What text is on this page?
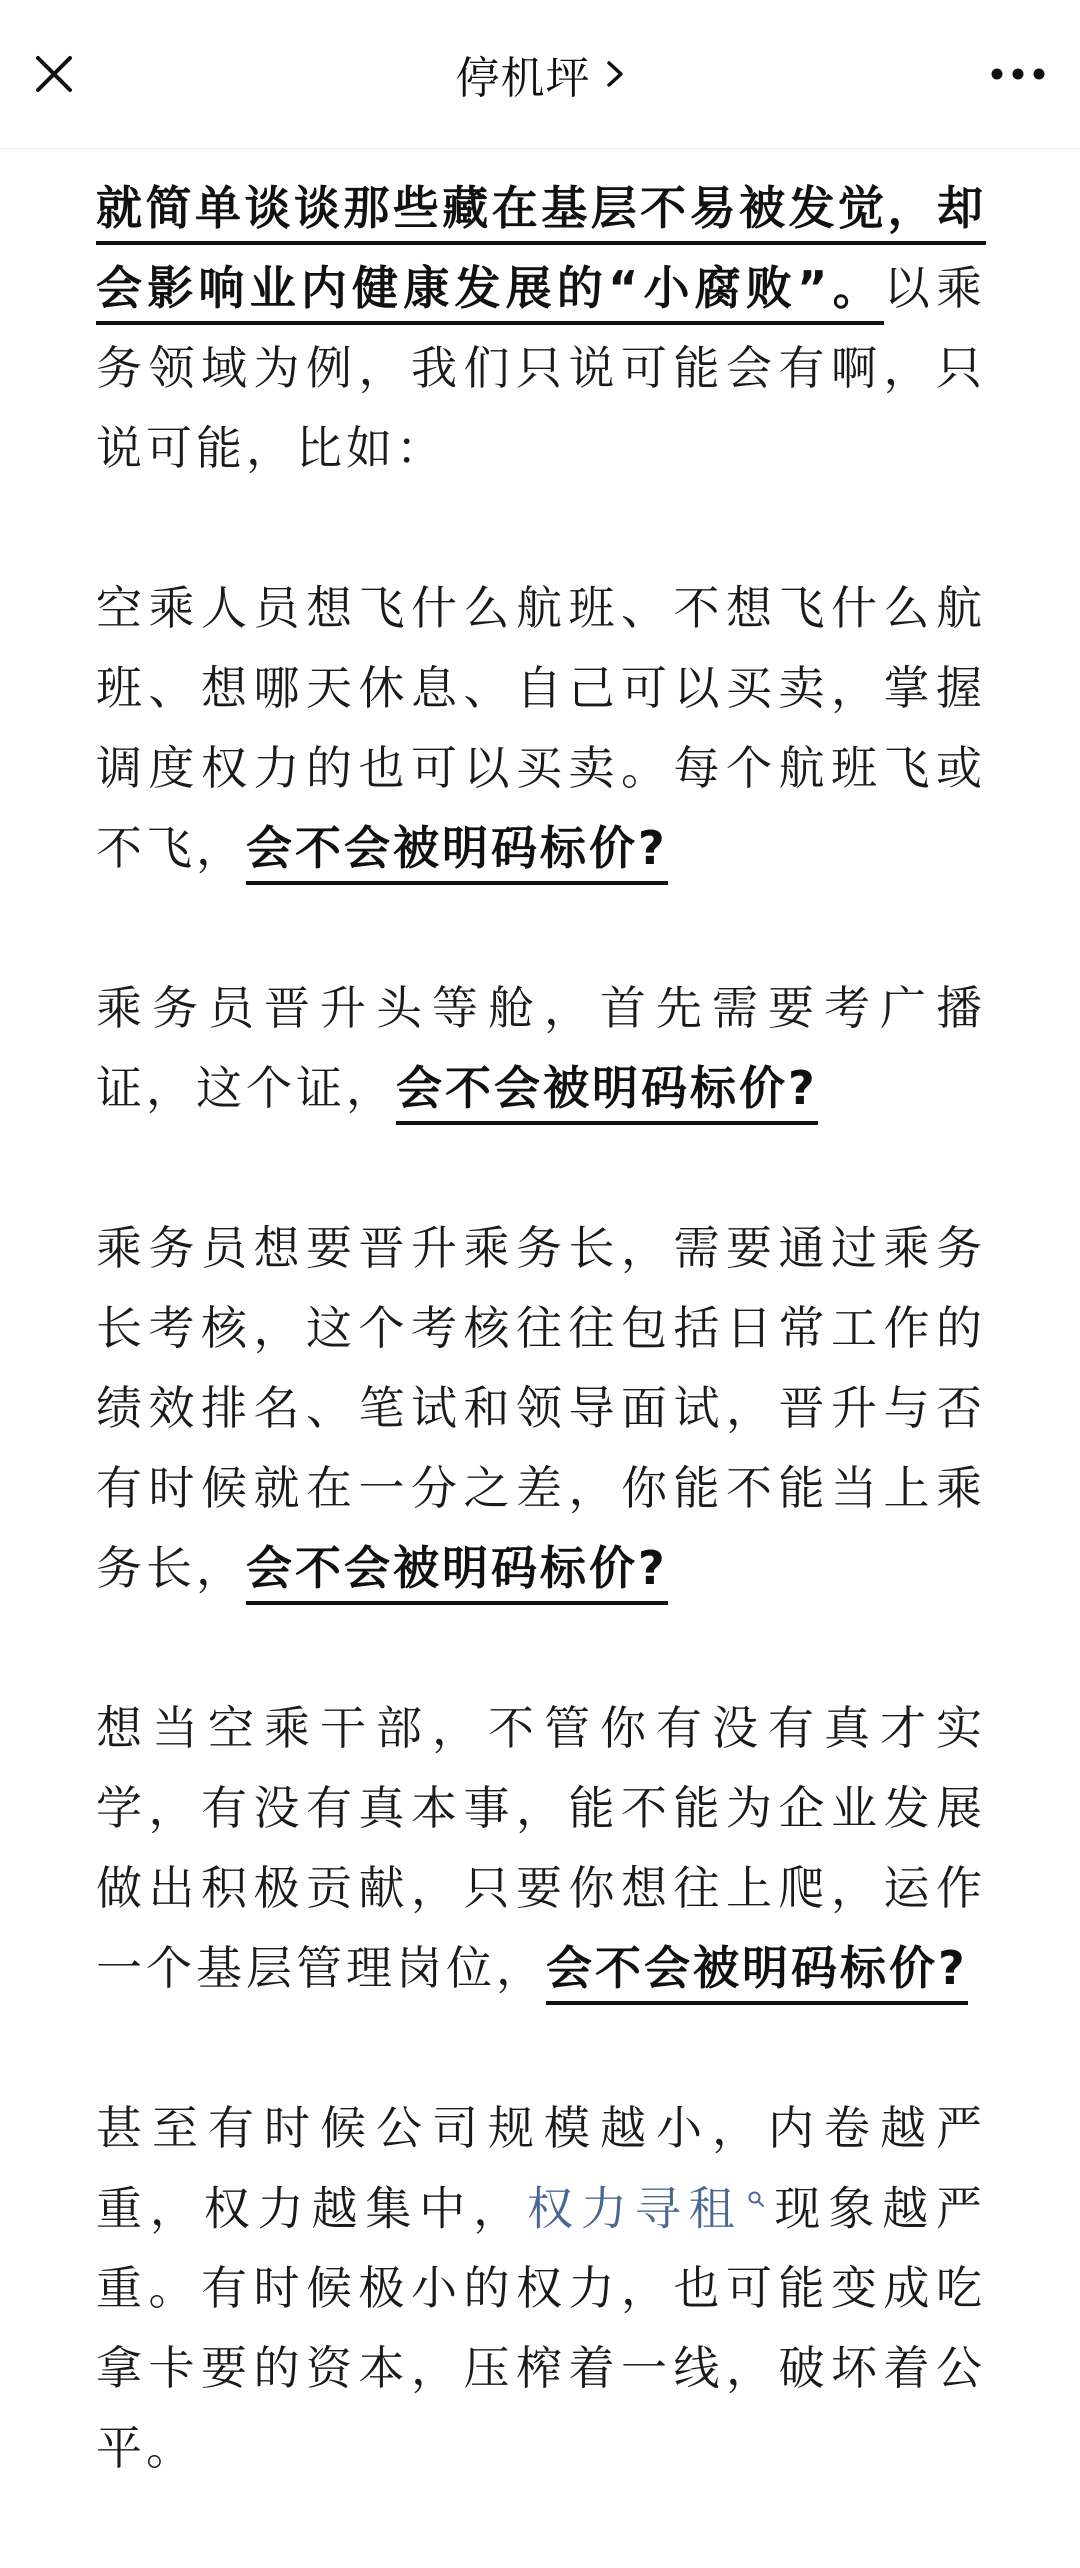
停机坪

就简单谈谈那些藏在基层不易被发觉，却会影响业内健康发展的“小腐败”。以乘务领域为例，我们只说可能会有啊，只说可能，比如：

空乘人员想飞什么航班、不想飞什么航班、想哪天休息、自己可以买卖，掌握调度权力的也可以买卖。每个航班飞或不飞，会不会被明码标价?

乘务员晋升头等舱，首先需要考广播证，这个证，会不会被明码标价?

乘务员想要晋升乘务长，需要通过乘务长考核，这个考核往往包括日常工作的绩效排名、笔试和领导面试，晋升与否有时候就在一分之差，你能不能当上乘务长，会不会被明码标价?

想当空乘干部，不管你有没有真才实学，有没有真本事，能不能为企业发展做出积极贡献，只要你想往上爬，运作一个基层管理岗位，会不会被明码标价?

甚至有时候公司规模越小，内卷越严重，权力越集中，权力寻租 现象越严重。有时候极小的权力，也可能变成吃拿卡要的资本，压榨着一线，破坏着公平。
